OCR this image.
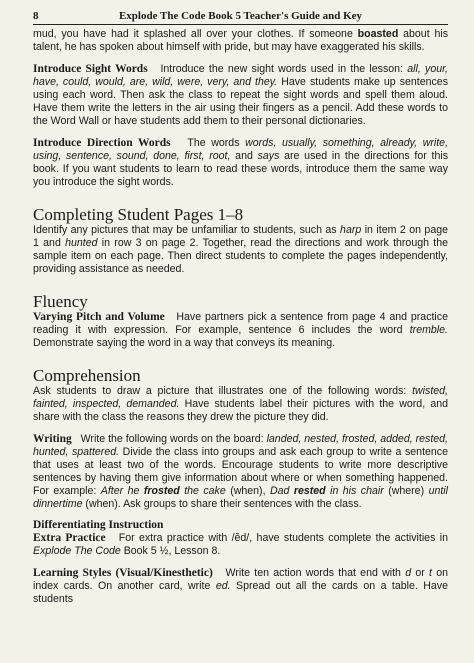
8	Explode The Code Book 5 Teacher's Guide and Key

mud, you have had it splashed all over your clothes. If someone boasted about his talent, he has spoken about himself with pride, but may have exaggerated his skills.

Introduce Sight Words Introduce the new sight words used in the lesson: all, your, have, could, would, are, wild, were, very, and they. Have students make up sentences using each word. Then ask the class to repeat the sight words and spell them aloud. Have them write the letters in the air using their fingers as a pencil. Add these words to the Word Wall or have students add them to their personal dictionaries.

Introduce Direction Words The words words, usually, something, already, write, using, sentence, sound, done, first, root, and says are used in the directions for this book. If you want students to learn to read these words, introduce them the same way you introduce the sight words.

Completing Student Pages 1–8

Identify any pictures that may be unfamiliar to students, such as harp in item 2 on page 1 and hunted in row 3 on page 2. Together, read the directions and work through the sample item on each page. Then direct students to complete the pages independently, providing assistance as needed.

Fluency

Varying Pitch and Volume Have partners pick a sentence from page 4 and practice reading it with expression. For example, sentence 6 includes the word tremble. Demonstrate saying the word in a way that conveys its meaning.

Comprehension

Ask students to draw a picture that illustrates one of the following words: twisted, fainted, inspected, demanded. Have students label their pictures with the word, and share with the class the reasons they drew the picture they did.

Writing Write the following words on the board: landed, nested, frosted, added, rested, hunted, spattered. Divide the class into groups and ask each group to write a sentence that uses at least two of the words. Encourage students to write more descriptive sentences by having them give information about where or when something happened. For example: After he frosted the cake (when), Dad rested in his chair (where) until dinnertime (when). Ask groups to share their sentences with the class.

Differentiating Instruction

Extra Practice For extra practice with /ĕd/, have students complete the activities in Explode The Code Book 5 ½, Lesson 8.

Learning Styles (Visual/Kinesthetic) Write ten action words that end with d or t on index cards. On another card, write ed. Spread out all the cards on a table. Have students
